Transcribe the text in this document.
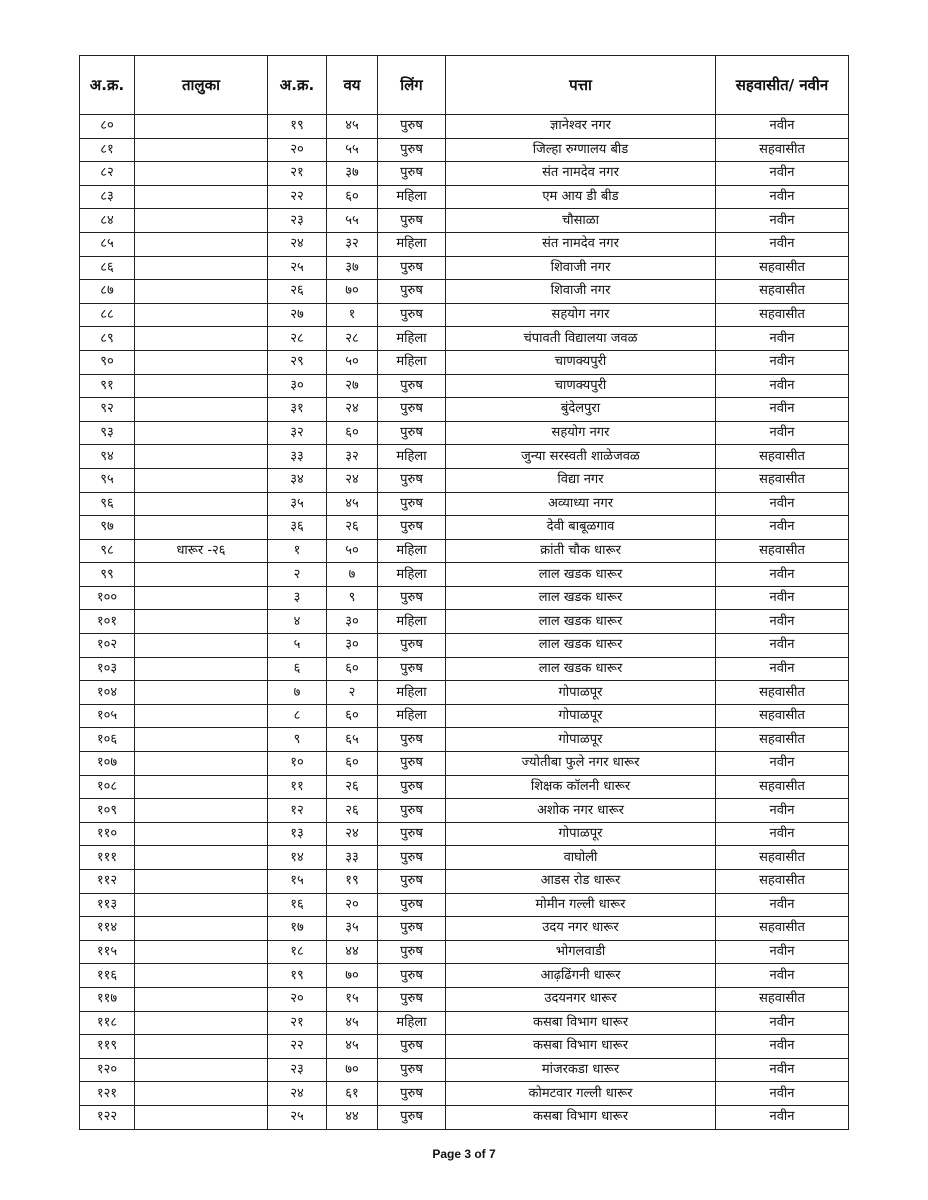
अ.क्र.	तालुका	अ.क्र.	वय	लिंग	पत्ता	सहवासीत/ नवीन
८०		१९	४५	पुरुष	ज्ञानेश्वर नगर	नवीन
८१		२०	५५	पुरुष	जिल्हा रुग्णालय बीड	सहवासीत
८२		२१	३७	पुरुष	संत नामदेव नगर	नवीन
८३		२२	६०	महिला	एम आय डी बीड	नवीन
८४		२३	५५	पुरुष	चौसाळा	नवीन
८५		२४	३२	महिला	संत नामदेव नगर	नवीन
८६		२५	३७	पुरुष	शिवाजी नगर	सहवासीत
८७		२६	७०	पुरुष	शिवाजी नगर	सहवासीत
८८		२७	१	पुरुष	सहयोग नगर	सहवासीत
८९		२८	२८	महिला	चंपावती विद्यालया जवळ	नवीन
९०		२९	५०	महिला	चाणक्यपुरी	नवीन
९१		३०	२७	पुरुष	चाणक्यपुरी	नवीन
९२		३१	२४	पुरुष	बुंदेलपुरा	नवीन
९३		३२	६०	पुरुष	सहयोग नगर	नवीन
९४		३३	३२	महिला	जुन्या सरस्वती शाळेजवळ	सहवासीत
९५		३४	२४	पुरुष	विद्या नगर	सहवासीत
९६		३५	४५	पुरुष	अव्याध्या नगर	नवीन
९७		३६	२६	पुरुष	देवी बाबूळगाव	नवीन
९८	धारूर -२६	१	५०	महिला	क्रांती चौक धारूर	सहवासीत
९९		२	७	महिला	लाल खडक धारूर	नवीन
१००		३	९	पुरुष	लाल खडक धारूर	नवीन
१०१		४	३०	महिला	लाल खडक धारूर	नवीन
१०२		५	३०	पुरुष	लाल खडक धारूर	नवीन
१०३		६	६०	पुरुष	लाल खडक धारूर	नवीन
१०४		७	२	महिला	गोपाळपूर	सहवासीत
१०५		८	६०	महिला	गोपाळपूर	सहवासीत
१०६		९	६५	पुरुष	गोपाळपूर	सहवासीत
१०७		१०	६०	पुरुष	ज्योतीबा फुले नगर धारूर	नवीन
१०८		११	२६	पुरुष	शिक्षक कॉलनी धारूर	सहवासीत
१०९		१२	२६	पुरुष	अशोक नगर धारूर	नवीन
११०		१३	२४	पुरुष	गोपाळपूर	नवीन
१११		१४	३३	पुरुष	वाघोली	सहवासीत
११२		१५	१९	पुरुष	आडस रोड धारूर	सहवासीत
११३		१६	२०	पुरुष	मोमीन गल्ली धारूर	नवीन
११४		१७	३५	पुरुष	उदय नगर धारूर	सहवासीत
११५		१८	४४	पुरुष	भोगलवाडी	नवीन
११६		१९	७०	पुरुष	आढ़ढिंगनी धारूर	नवीन
११७		२०	१५	पुरुष	उदयनगर धारूर	सहवासीत
११८		२१	४५	महिला	कसबा विभाग धारूर	नवीन
११९		२२	४५	पुरुष	कसबा विभाग धारूर	नवीन
१२०		२३	७०	पुरुष	मांजरकडा धारूर	नवीन
१२१		२४	६१	पुरुष	कोमटवार गल्ली धारूर	नवीन
१२२		२५	४४	पुरुष	कसबा विभाग धारूर	नवीन
Page 3 of 7
